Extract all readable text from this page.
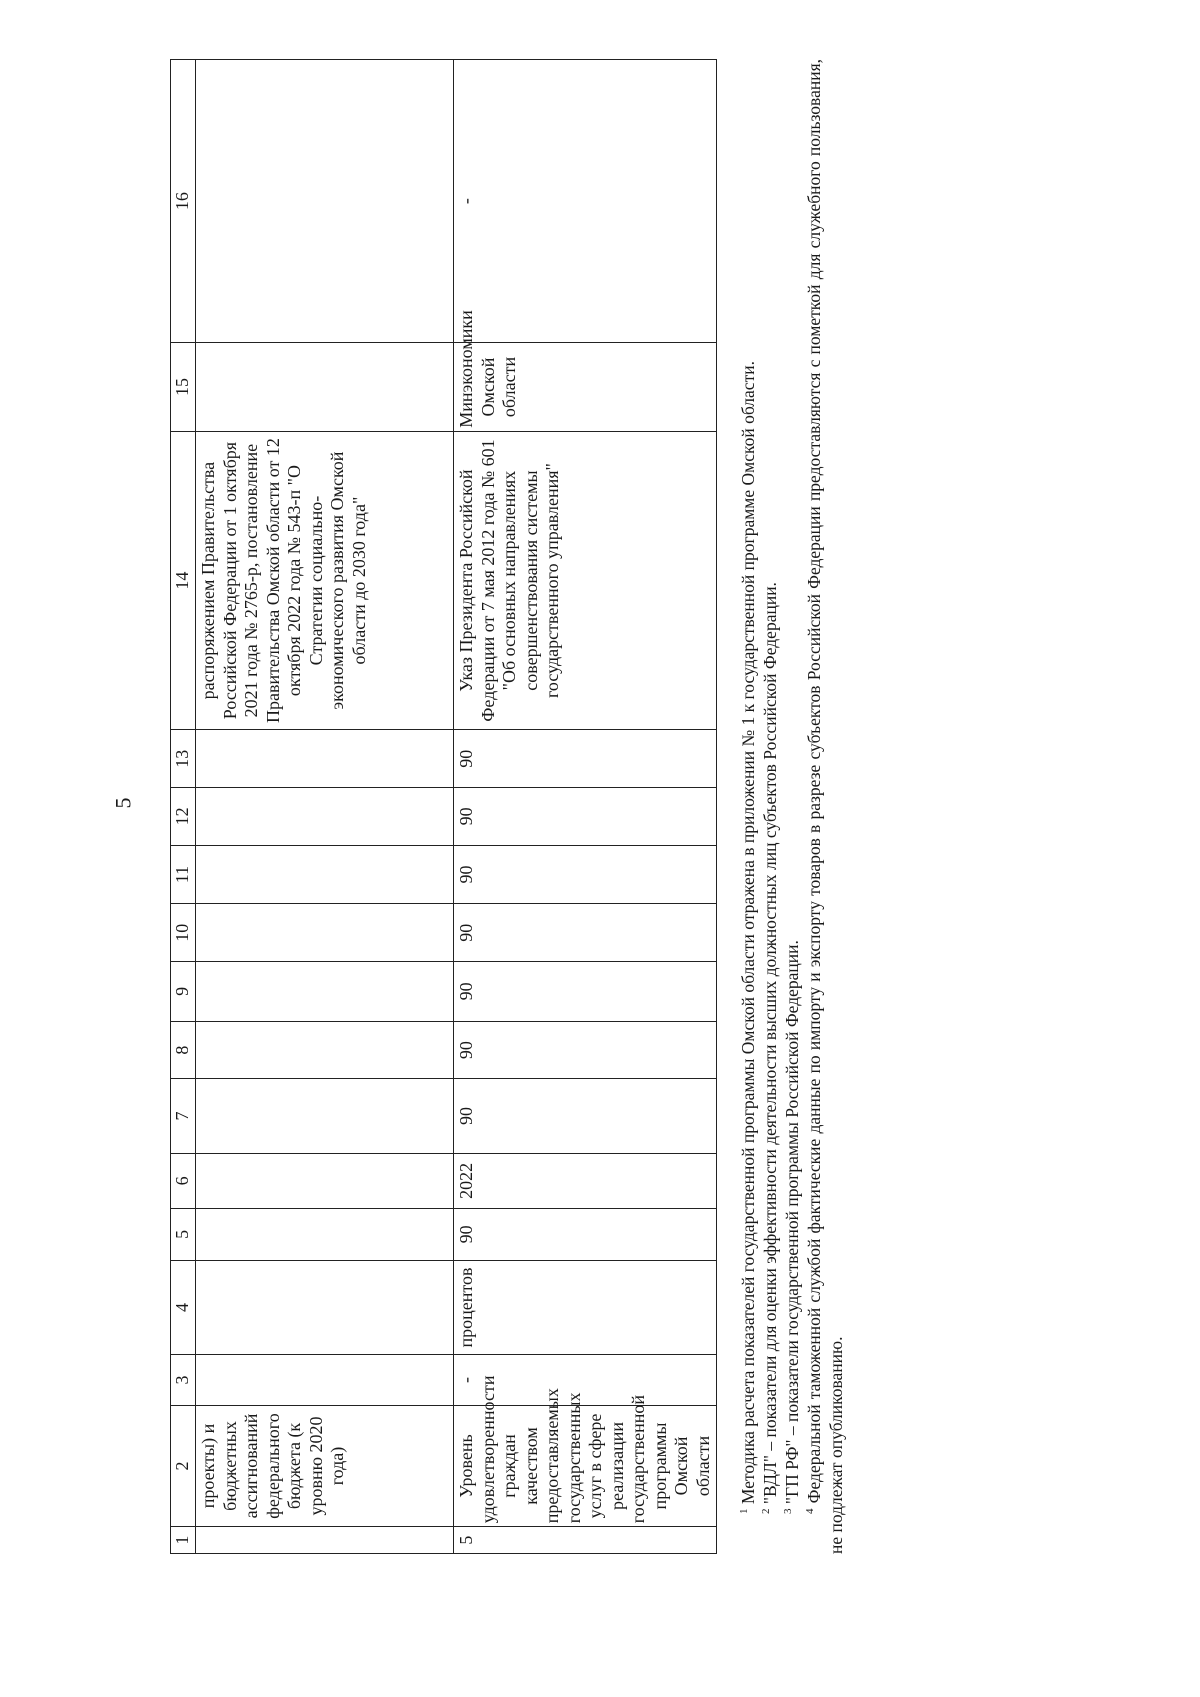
5
1	2	3	4	5	6	7	8	9	10	11	12	13	14	15	16
	проекты) и бюджетных ассигнований федерального бюджета (к уровню 2020 года)												распоряжением Правительства Российской Федерации от 1 октября 2021 года № 2765-р, постановление Правительства Омской области от 12 октября 2022 года № 543-п "О Стратегии социально-экономического развития Омской области до 2030 года"		
5	Уровень удовлетворенности граждан качеством предоставляемых государственных услуг в сфере реализации государственной программы Омской области	-	процентов	90	2022	90	90	90	90	90	90	90	Указ Президента Российской Федерации от 7 мая 2012 года № 601 "Об основных направлениях совершенствования системы государственного управления"	Минэкономики Омской области	-

$^1$ Методика расчета показателей государственной программы Омской области отражена в приложении № 1 к государственной программе Омской области.

$^2$ "ВДЛ" – показатели для оценки эффективности деятельности высших должностных лиц субъектов Российской Федерации.

$^3$ "ГП РФ" – показатели государственной программы Российской Федерации.

$^4$ Федеральной таможенной службой фактические данные по импорту и экспорту товаров в разрезе субъектов Российской Федерации предоставляются с пометкой для служебного пользования, не подлежат опубликованию.
